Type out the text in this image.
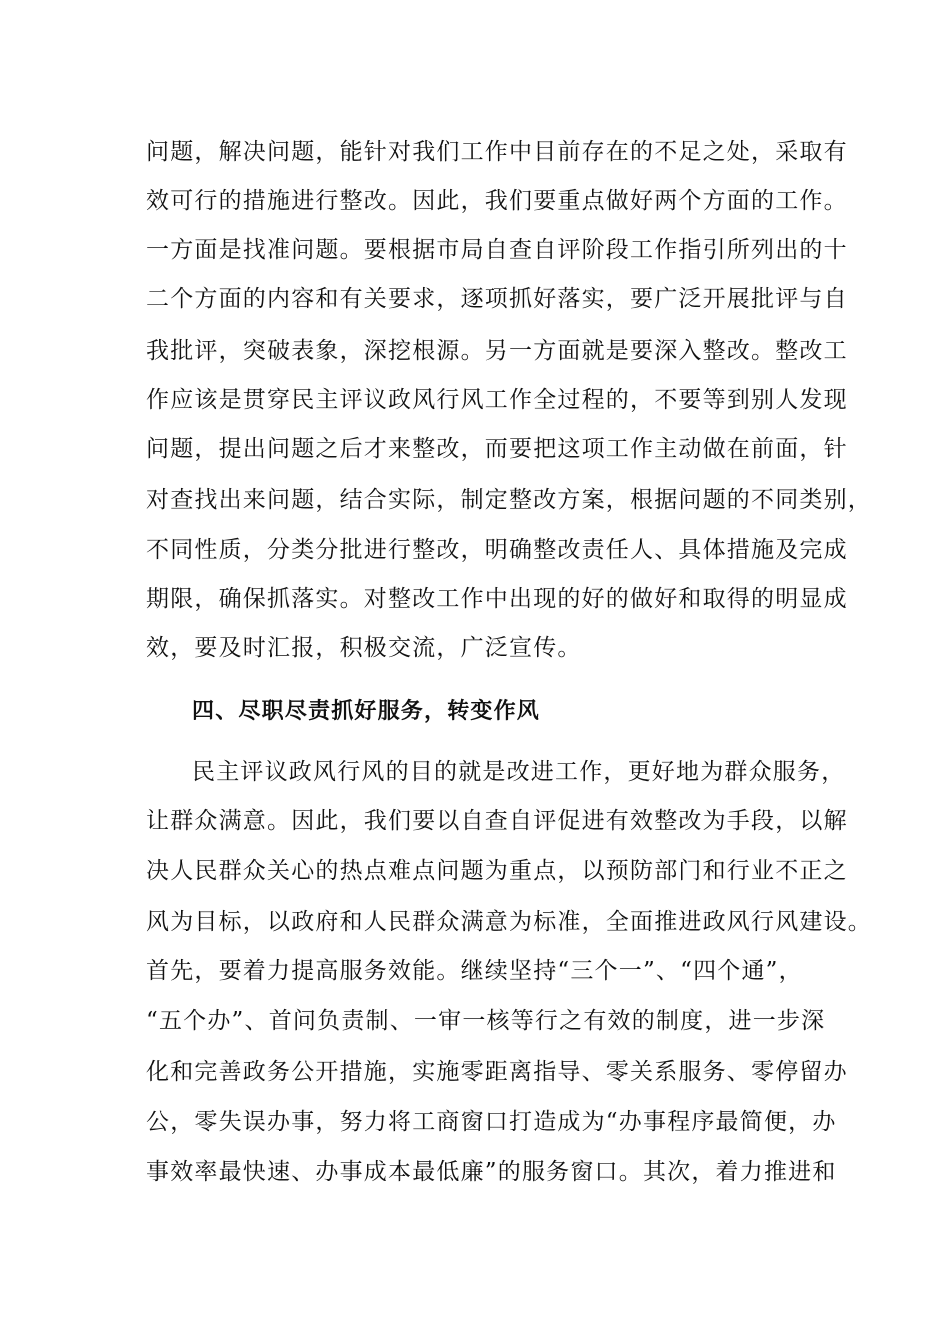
问题，解决问题，能针对我们工作中目前存在的不足之处，采取有
效可行的措施进行整改。因此，我们要重点做好两个方面的工作。
一方面是找准问题。要根据市局自查自评阶段工作指引所列出的十
二个方面的内容和有关要求，逐项抓好落实，要广泛开展批评与自
我批评，突破表象，深挖根源。另一方面就是要深入整改。整改工
作应该是贯穿民主评议政风行风工作全过程的，不要等到别人发现
问题，提出问题之后才来整改，而要把这项工作主动做在前面，针
对查找出来问题，结合实际，制定整改方案，根据问题的不同类别，
不同性质，分类分批进行整改，明确整改责任人、具体措施及完成
期限，确保抓落实。对整改工作中出现的好的做好和取得的明显成
效，要及时汇报，积极交流，广泛宣传。
四、尽职尽责抓好服务，转变作风
民主评议政风行风的目的就是改进工作，更好地为群众服务，
让群众满意。因此，我们要以自查自评促进有效整改为手段，以解
决人民群众关心的热点难点问题为重点，以预防部门和行业不正之
风为目标，以政府和人民群众满意为标准，全面推进政风行风建设。
首先，要着力提高服务效能。继续坚持“三个一”、“四个通”，
“五个办”、首问负责制、一审一核等行之有效的制度，进一步深
化和完善政务公开措施，实施零距离指导、零关系服务、零停留办
公，零失误办事，努力将工商窗口打造成为“办事程序最简便，办
事效率最快速、办事成本最低廉”的服务窗口。其次，着力推进和
